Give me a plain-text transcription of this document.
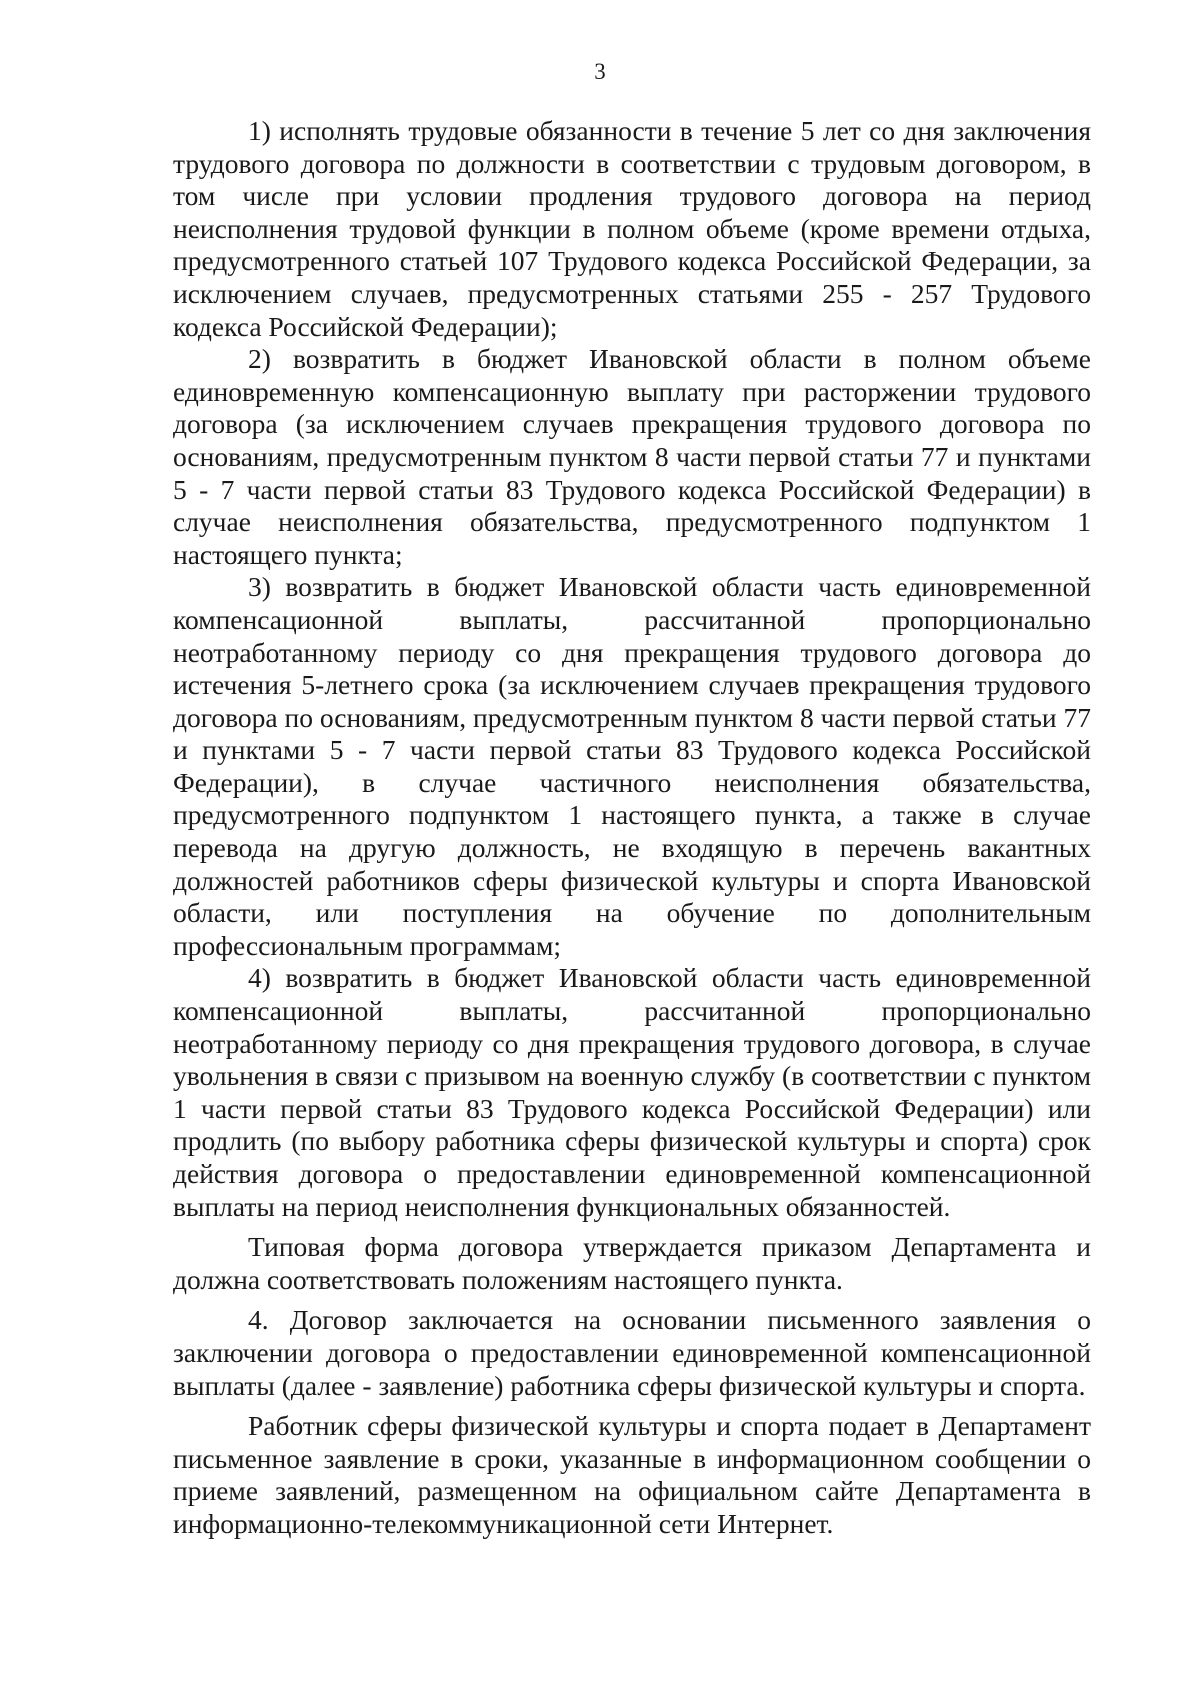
3

1) исполнять трудовые обязанности в течение 5 лет со дня заключения трудового договора по должности в соответствии с трудовым договором, в том числе при условии продления трудового договора на период неисполнения трудовой функции в полном объеме (кроме времени отдыха, предусмотренного статьей 107 Трудового кодекса Российской Федерации, за исключением случаев, предусмотренных статьями 255 - 257 Трудового кодекса Российской Федерации);

2) возвратить в бюджет Ивановской области в полном объеме единовременную компенсационную выплату при расторжении трудового договора (за исключением случаев прекращения трудового договора по основаниям, предусмотренным пунктом 8 части первой статьи 77 и пунктами 5 - 7 части первой статьи 83 Трудового кодекса Российской Федерации) в случае неисполнения обязательства, предусмотренного подпунктом 1 настоящего пункта;

3) возвратить в бюджет Ивановской области часть единовременной компенсационной выплаты, рассчитанной пропорционально неотработанному периоду со дня прекращения трудового договора до истечения 5-летнего срока (за исключением случаев прекращения трудового договора по основаниям, предусмотренным пунктом 8 части первой статьи 77 и пунктами 5 - 7 части первой статьи 83 Трудового кодекса Российской Федерации), в случае частичного неисполнения обязательства, предусмотренного подпунктом 1 настоящего пункта, а также в случае перевода на другую должность, не входящую в перечень вакантных должностей работников сферы физической культуры и спорта Ивановской области, или поступления на обучение по дополнительным профессиональным программам;

4) возвратить в бюджет Ивановской области часть единовременной компенсационной выплаты, рассчитанной пропорционально неотработанному периоду со дня прекращения трудового договора, в случае увольнения в связи с призывом на военную службу (в соответствии с пунктом 1 части первой статьи 83 Трудового кодекса Российской Федерации) или продлить (по выбору работника сферы физической культуры и спорта) срок действия договора о предоставлении единовременной компенсационной выплаты на период неисполнения функциональных обязанностей.

Типовая форма договора утверждается приказом Департамента и должна соответствовать положениям настоящего пункта.

4. Договор заключается на основании письменного заявления о заключении договора о предоставлении единовременной компенсационной выплаты (далее - заявление) работника сферы физической культуры и спорта.

Работник сферы физической культуры и спорта подает в Департамент письменное заявление в сроки, указанные в информационном сообщении о приеме заявлений, размещенном на официальном сайте Департамента в информационно-телекоммуникационной сети Интернет.
